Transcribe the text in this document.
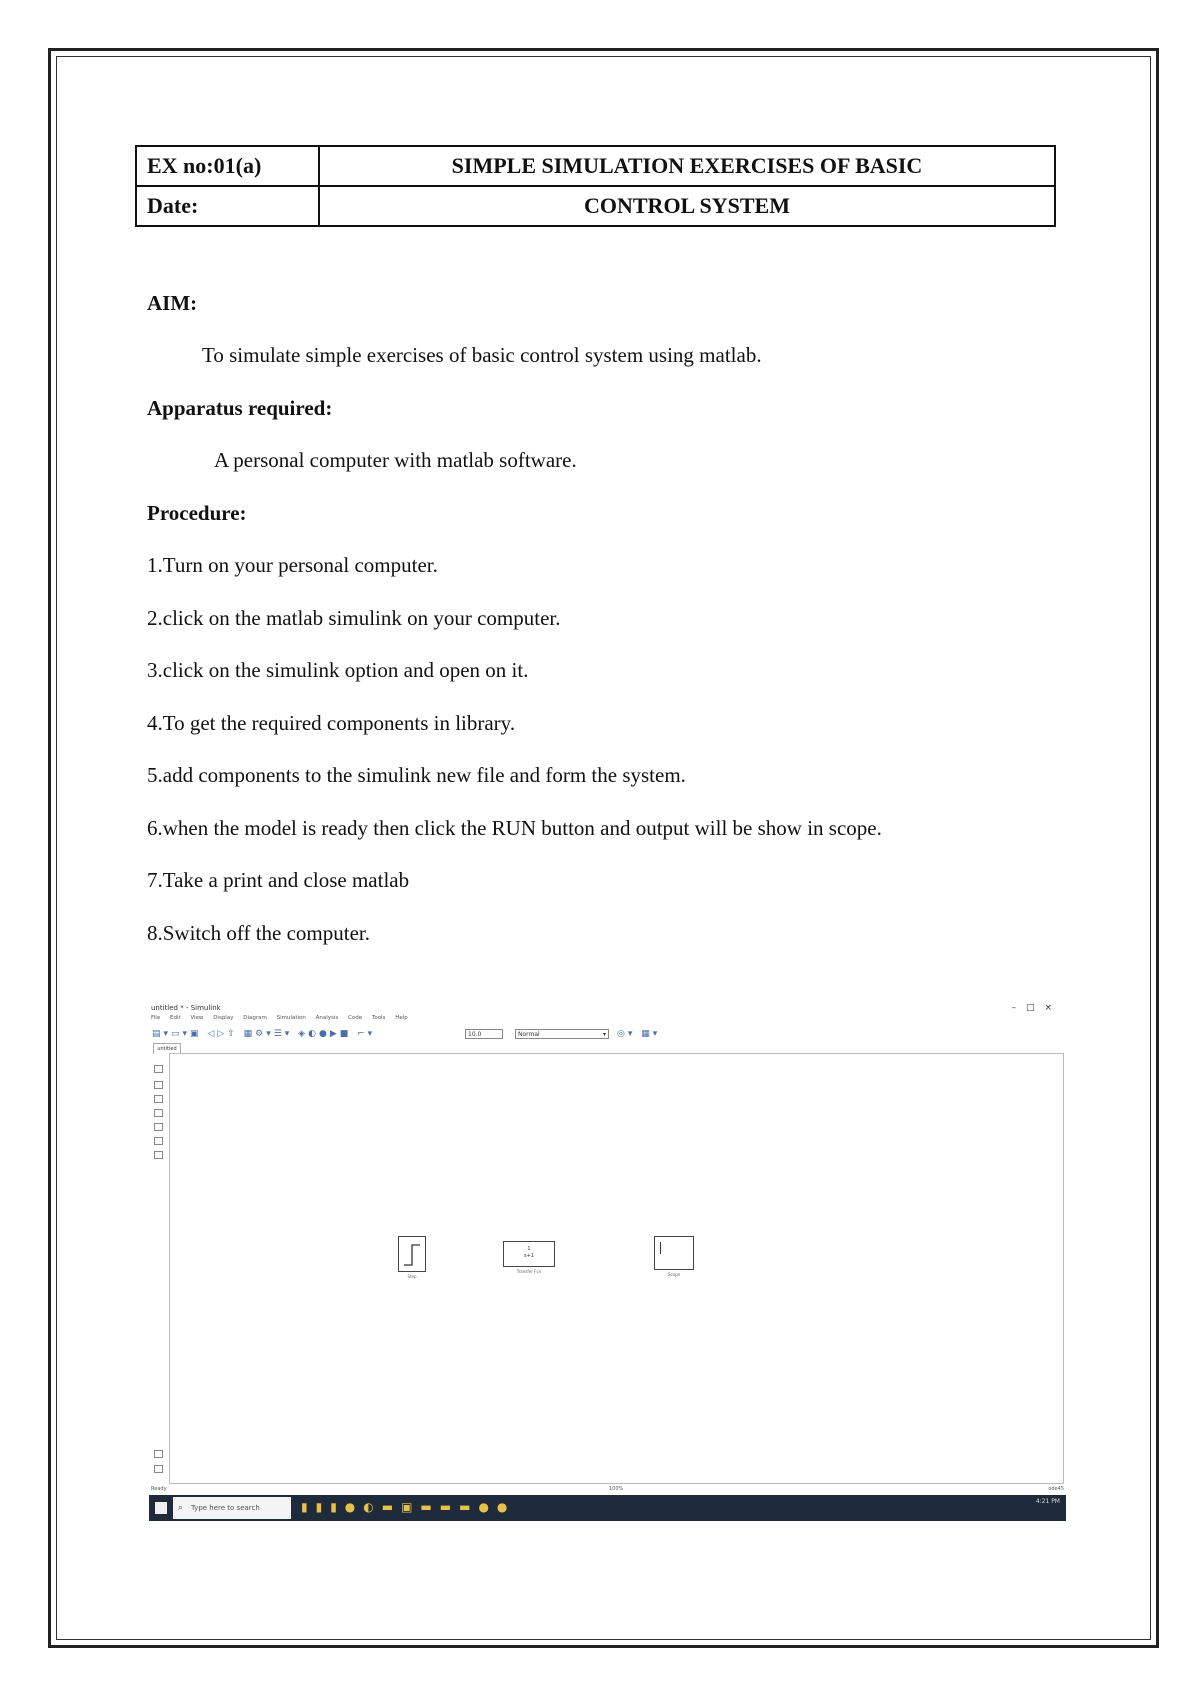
EX no:01(a)	SIMPLE SIMULATION EXERCISES OF BASIC
Date:	CONTROL SYSTEM
AIM:
To simulate simple exercises of basic control system using matlab.
Apparatus required:
A personal computer with matlab software.
Procedure:
1.Turn on your personal computer.
2.click on the matlab simulink on your computer.
3.click on the simulink option and open on it.
4.To get the required components in library.
5.add components to the simulink new file and form the system.
6.when the model is ready then click the RUN button and output will be show in scope.
7.Take a print and close matlab
8.Switch off the computer.
untitled * - Simulink	–□×
File Edit View Display Diagram Simulation Analysis Code Tools Help
▤▾▭▾▣ ◁▷⇧ ▦⚙▾☰▾ ◈◐●▶■ ⌐▾	10.0	Normal	▾ ◎▾ ▦▾
untitled
Step
1
s+1
Transfer Fcn
Scope
Ready	100%	ode45
⌕ Type here to search	▮▮▮●◐▬▣▬▬▬●●	4:21 PM
